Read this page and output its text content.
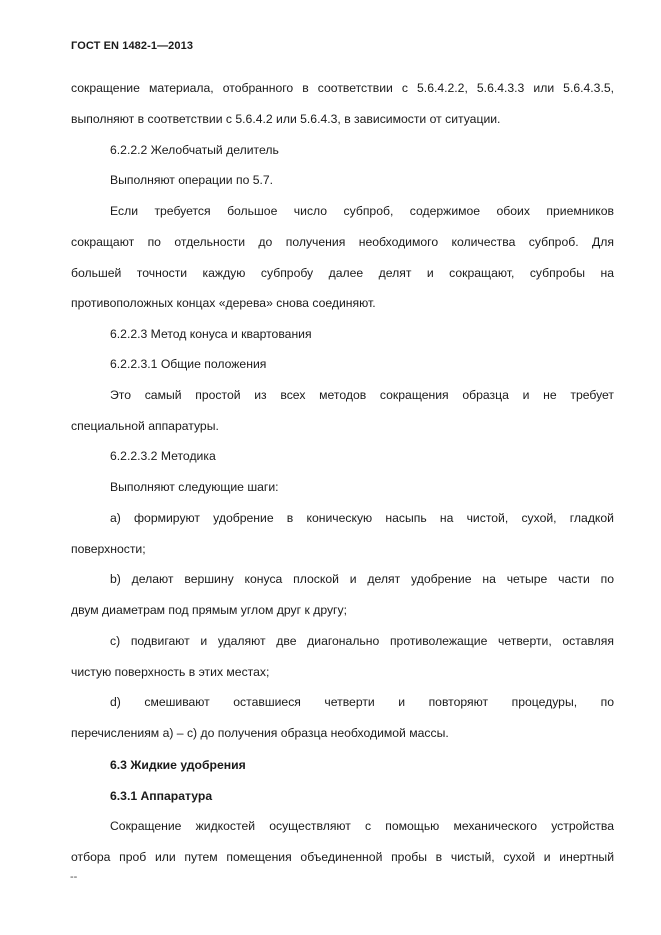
ГОСТ EN 1482-1—2013
сокращение материала, отобранного в соответствии с 5.6.4.2.2, 5.6.4.3.3 или 5.6.4.3.5,
выполняют в соответствии с 5.6.4.2 или 5.6.4.3, в зависимости от ситуации.
6.2.2.2 Желобчатый делитель
Выполняют операции по 5.7.
Если требуется большое число субпроб, содержимое обоих приемников
сокращают по отдельности до получения необходимого количества субпроб. Для
большей точности каждую субпробу далее делят и сокращают, субпробы на
противоположных концах «дерева» снова соединяют.
6.2.2.3 Метод конуса и квартования
6.2.2.3.1 Общие положения
Это самый простой из всех методов сокращения образца и не требует
специальной аппаратуры.
6.2.2.3.2 Методика
Выполняют следующие шаги:
a) формируют удобрение в коническую насыпь на чистой, сухой, гладкой
поверхности;
b) делают вершину конуса плоской и делят удобрение на четыре части по
двум диаметрам под прямым углом друг к другу;
c) подвигают и удаляют две диагонально противолежащие четверти, оставляя
чистую поверхность в этих местах;
d) смешивают оставшиеся четверти и повторяют процедуры, по
перечислениям а) – с) до получения образца необходимой массы.
6.3 Жидкие удобрения
6.3.1 Аппаратура
Сокращение жидкостей осуществляют с помощью механического устройства
отбора проб или путем помещения объединенной пробы в чистый, сухой и инертный
--
